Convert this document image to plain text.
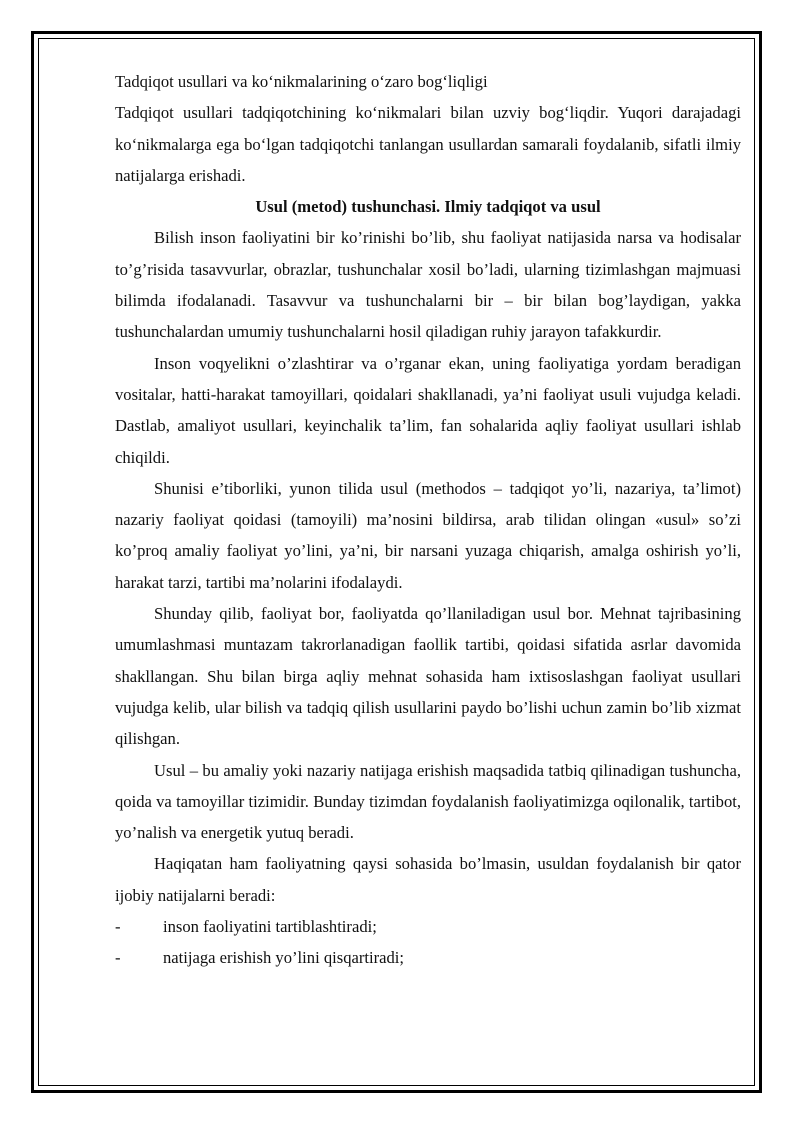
Tadqiqot usullari va ko‘nikmalarining o‘zaro bog‘liqligi

Tadqiqot usullari tadqiqotchining ko‘nikmalari bilan uzviy bog‘liqdir. Yuqori darajadagi ko‘nikmalarga ega bo‘lgan tadqiqotchi tanlangan usullardan samarali foydalanib, sifatli ilmiy natijalarga erishadi.

Usul (metod) tushunchasi. Ilmiy tadqiqot va usul

Bilish inson faoliyatini bir ko’rinishi bo’lib, shu faoliyat natijasida narsa va hodisalar to’g’risida tasavvurlar, obrazlar, tushunchalar xosil bo’ladi, ularning tizimlashgan majmuasi bilimda ifodalanadi. Tasavvur va tushunchalarni bir – bir bilan bog’laydigan, yakka tushunchalardan umumiy tushunchalarni hosil qiladigan ruhiy jarayon tafakkurdir.

Inson voqyelikni o’zlashtirar va o’rganar ekan, uning faoliyatiga yordam beradigan vositalar, hatti-harakat tamoyillari, qoidalari shakllanadi, ya’ni faoliyat usuli vujudga keladi. Dastlab, amaliyot usullari, keyinchalik ta’lim, fan sohalarida aqliy faoliyat usullari ishlab chiqildi.

Shunisi e’tiborliki, yunon tilida usul (methodos – tadqiqot yo’li, nazariya, ta’limot) nazariy faoliyat qoidasi (tamoyili) ma’nosini bildirsa, arab tilidan olingan «usul» so’zi ko’proq amaliy faoliyat yo’lini, ya’ni, bir narsani yuzaga chiqarish, amalga oshirish yo’li, harakat tarzi, tartibi ma’nolarini ifodalaydi.

Shunday qilib, faoliyat bor, faoliyatda qo’llaniladigan usul bor. Mehnat tajribasining umumlashmasi muntazam takrorlanadigan faollik tartibi, qoidasi sifatida asrlar davomida shakllangan. Shu bilan birga aqliy mehnat sohasida ham ixtisoslashgan faoliyat usullari vujudga kelib, ular bilish va tadqiq qilish usullarini paydo bo’lishi uchun zamin bo’lib xizmat qilishgan.

Usul – bu amaliy yoki nazariy natijaga erishish maqsadida tatbiq qilinadigan tushuncha, qoida va tamoyillar tizimidir. Bunday tizimdan foydalanish faoliyatimizga oqilonalik, tartibot, yo’nalish va energetik yutuq beradi.

Haqiqatan ham faoliyatning qaysi sohasida bo’lmasin, usuldan foydalanish bir qator ijobiy natijalarni beradi:

-	inson faoliyatini tartiblashtiradi;
-	natijaga erishish yo’lini qisqartiradi;
